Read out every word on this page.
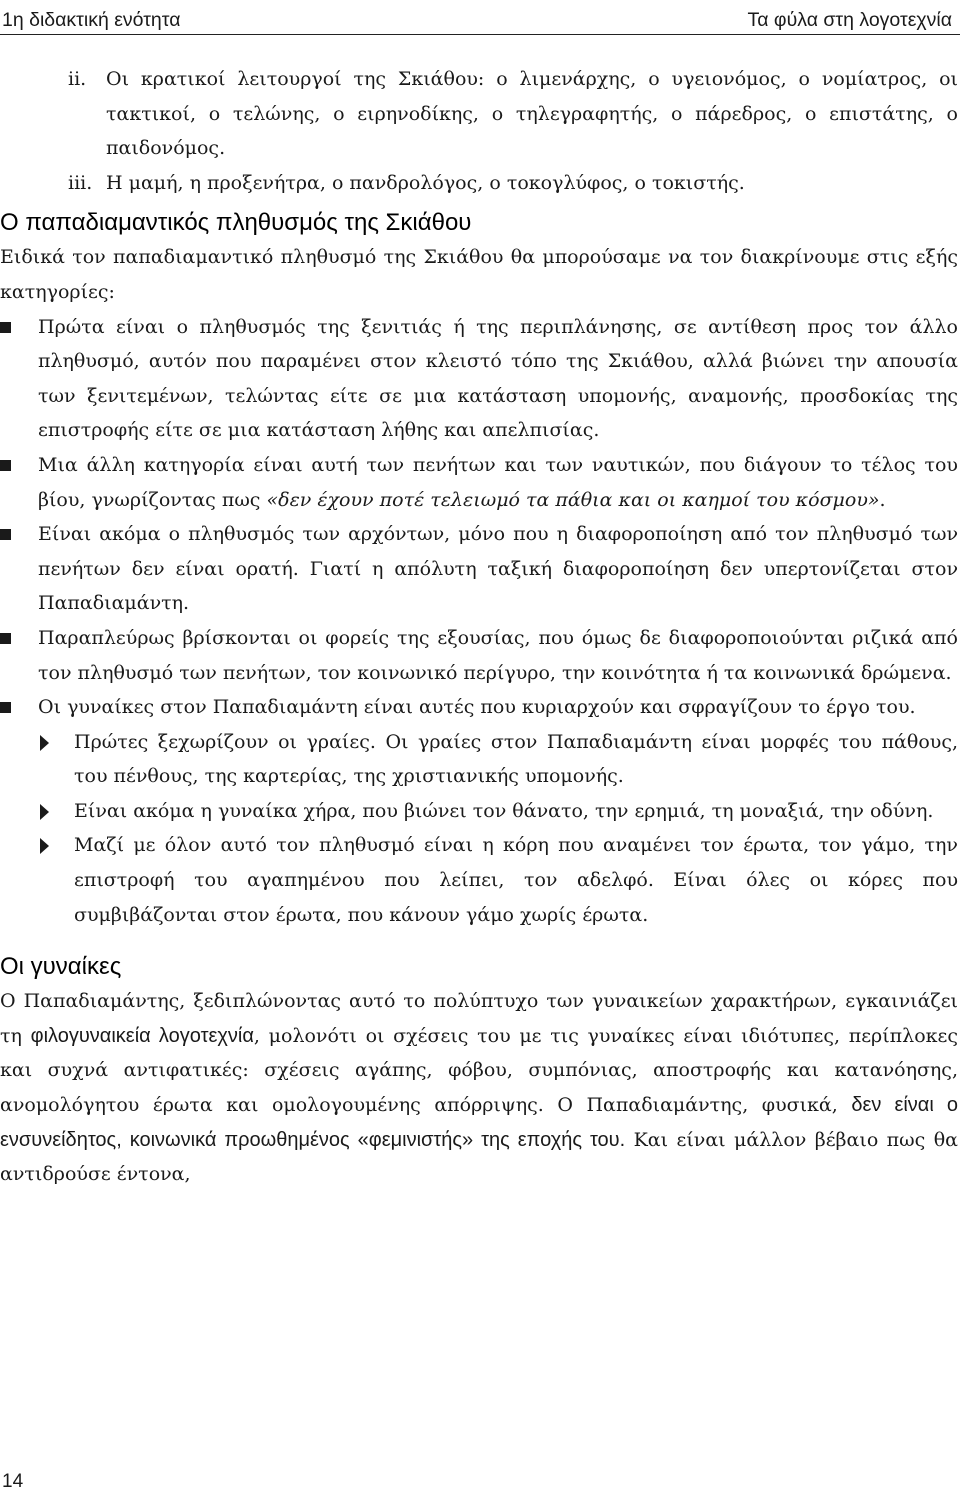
1η διδακτική ενότητα	Τα φύλα στη λογοτεχνία

ii. Οι κρατικοί λειτουργοί της Σκιάθου: ο λιμενάρχης, ο υγειονόμος, ο νομίατρος, οι τακτικοί, ο τελώνης, ο ειρηνοδίκης, ο τηλεγραφητής, ο πάρεδρος, ο επιστάτης, ο παιδονόμος.

iii. Η μαμή, η προξενήτρα, ο πανδρολόγος, ο τοκογλύφος, ο τοκιστής.

Ο παπαδιαμαντικός πληθυσμός της Σκιάθου

Ειδικά τον παπαδιαμαντικό πληθυσμό της Σκιάθου θα μπορούσαμε να τον διακρίνουμε στις εξής κατηγορίες:

Πρώτα είναι ο πληθυσμός της ξενιτιάς ή της περιπλάνησης, σε αντίθεση προς τον άλλο πληθυσμό, αυτόν που παραμένει στον κλειστό τόπο της Σκιάθου, αλλά βιώνει την απουσία των ξενιτεμένων, τελώντας είτε σε μια κατάσταση υπομονής, αναμονής, προσδοκίας της επιστροφής είτε σε μια κατάσταση λήθης και απελπισίας.
Μια άλλη κατηγορία είναι αυτή των πενήτων και των ναυτικών, που διάγουν το τέλος του βίου, γνωρίζοντας πως «δεν έχουν ποτέ τελειωμό τα πάθια και οι καημοί του κόσμου».
Είναι ακόμα ο πληθυσμός των αρχόντων, μόνο που η διαφοροποίηση από τον πληθυσμό των πενήτων δεν είναι ορατή. Γιατί η απόλυτη ταξική διαφοροποίηση δεν υπερτονίζεται στον Παπαδιαμάντη.
Παραπλεύρως βρίσκονται οι φορείς της εξουσίας, που όμως δε διαφοροποιούνται ριζικά από τον πληθυσμό των πενήτων, τον κοινωνικό περίγυρο, την κοινότητα ή τα κοινωνικά δρώμενα.
Οι γυναίκες στον Παπαδιαμάντη είναι αυτές που κυριαρχούν και σφραγίζουν το έργο του.
Πρώτες ξεχωρίζουν οι γραίες. Οι γραίες στον Παπαδιαμάντη είναι μορφές του πάθους, του πένθους, της καρτερίας, της χριστιανικής υπομονής.
Είναι ακόμα η γυναίκα χήρα, που βιώνει τον θάνατο, την ερημιά, τη μοναξιά, την οδύνη.
Μαζί με όλον αυτό τον πληθυσμό είναι η κόρη που αναμένει τον έρωτα, τον γάμο, την επιστροφή του αγαπημένου που λείπει, τον αδελφό. Είναι όλες οι κόρες που συμβιβάζονται στον έρωτα, που κάνουν γάμο χωρίς έρωτα.
Οι γυναίκες

Ο Παπαδιαμάντης, ξεδιπλώνοντας αυτό το πολύπτυχο των γυναικείων χαρακτήρων, εγκαινιάζει τη φιλογυναικεία λογοτεχνία, μολονότι οι σχέσεις του με τις γυναίκες είναι ιδιότυπες, περίπλοκες και συχνά αντιφατικές: σχέσεις αγάπης, φόβου, συμπόνιας, αποστροφής και κατανόησης, ανομολόγητου έρωτα και ομολογουμένης απόρριψης. Ο Παπαδιαμάντης, φυσικά, δεν είναι ο ενσυνείδητος, κοινωνικά προωθημένος «φεμινιστής» της εποχής του. Και είναι μάλλον βέβαιο πως θα αντιδρούσε έντονα,

14
